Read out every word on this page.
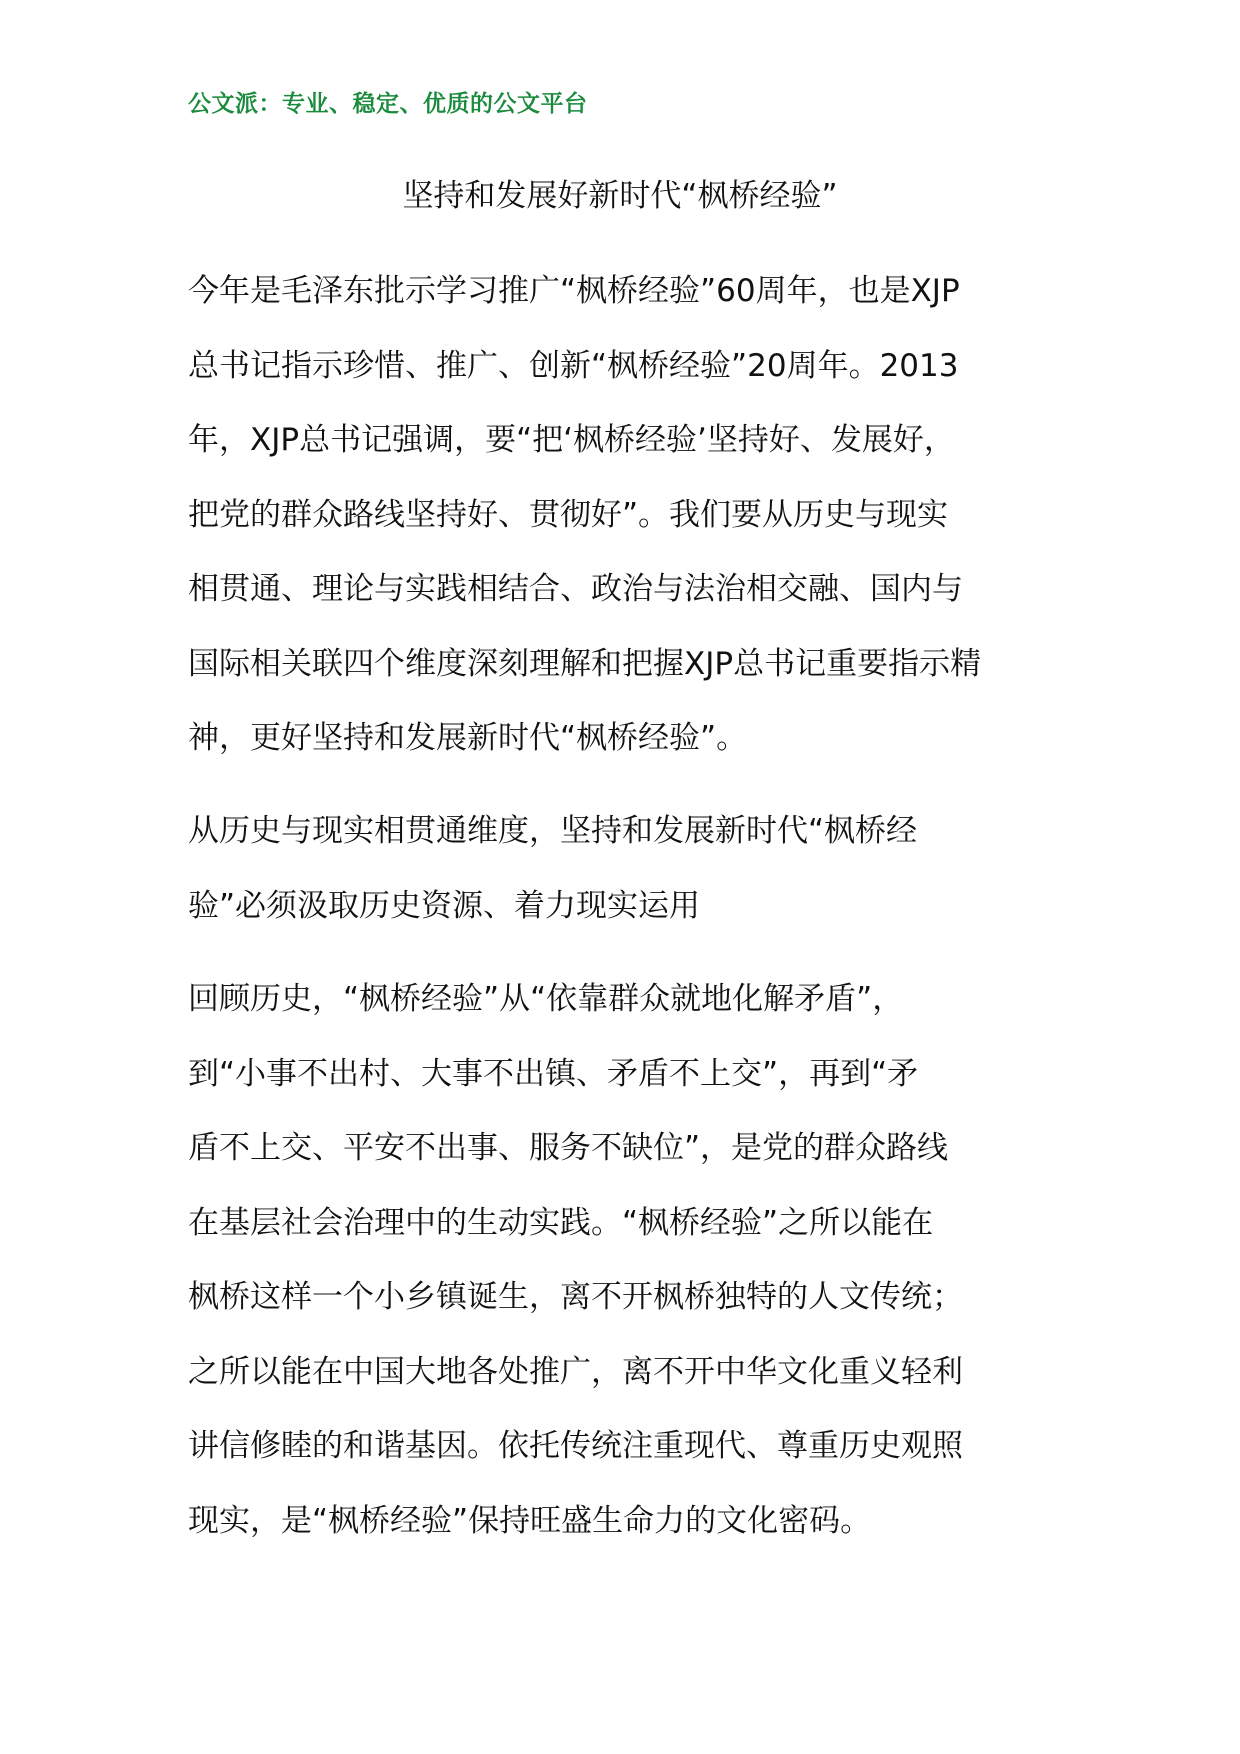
公文派：专业、稳定、优质的公文平台
坚持和发展好新时代“枫桥经验”
今年是毛泽东批示学习推广“枫桥经验”60周年，也是XJP
总书记指示珍惜、推广、创新“枫桥经验”20周年。2013
年，XJP总书记强调，要“把‘枫桥经验’坚持好、发展好，
把党的群众路线坚持好、贯彻好”。我们要从历史与现实
相贯通、理论与实践相结合、政治与法治相交融、国内与
国际相关联四个维度深刻理解和把握XJP总书记重要指示精
神，更好坚持和发展新时代“枫桥经验”。
从历史与现实相贯通维度，坚持和发展新时代“枫桥经
验”必须汲取历史资源、着力现实运用
回顾历史，“枫桥经验”从“依靠群众就地化解矛盾”，
到“小事不出村、大事不出镇、矛盾不上交”，再到“矛
盾不上交、平安不出事、服务不缺位”，是党的群众路线
在基层社会治理中的生动实践。“枫桥经验”之所以能在
枫桥这样一个小乡镇诞生，离不开枫桥独特的人文传统；
之所以能在中国大地各处推广，离不开中华文化重义轻利
讲信修睦的和谐基因。依托传统注重现代、尊重历史观照
现实，是“枫桥经验”保持旺盛生命力的文化密码。
